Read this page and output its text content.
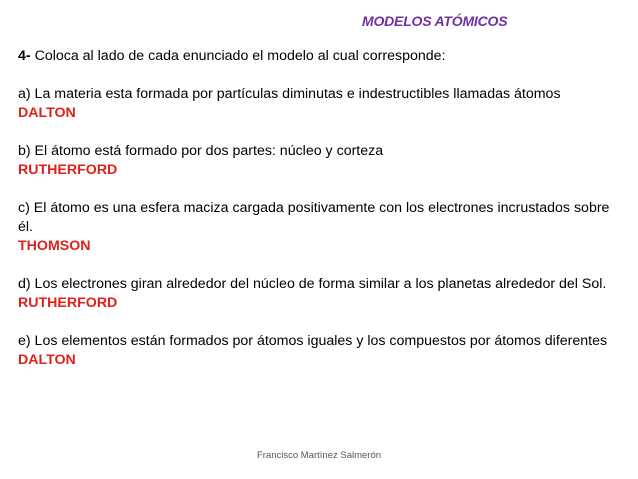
MODELOS ATÓMICOS
4- Coloca al lado de cada enunciado el modelo al cual corresponde:
a) La materia esta formada por partículas diminutas e indestructibles llamadas átomos
DALTON
b) El átomo está formado por dos partes: núcleo y corteza
RUTHERFORD
c) El átomo es una esfera maciza cargada positivamente con los electrones incrustados sobre él.
THOMSON
d) Los electrones giran alrededor del núcleo de forma similar a los planetas alrededor del Sol.
RUTHERFORD
e) Los elementos están formados por átomos iguales y los compuestos por átomos diferentes
DALTON
Francisco Martínez Salmerón
